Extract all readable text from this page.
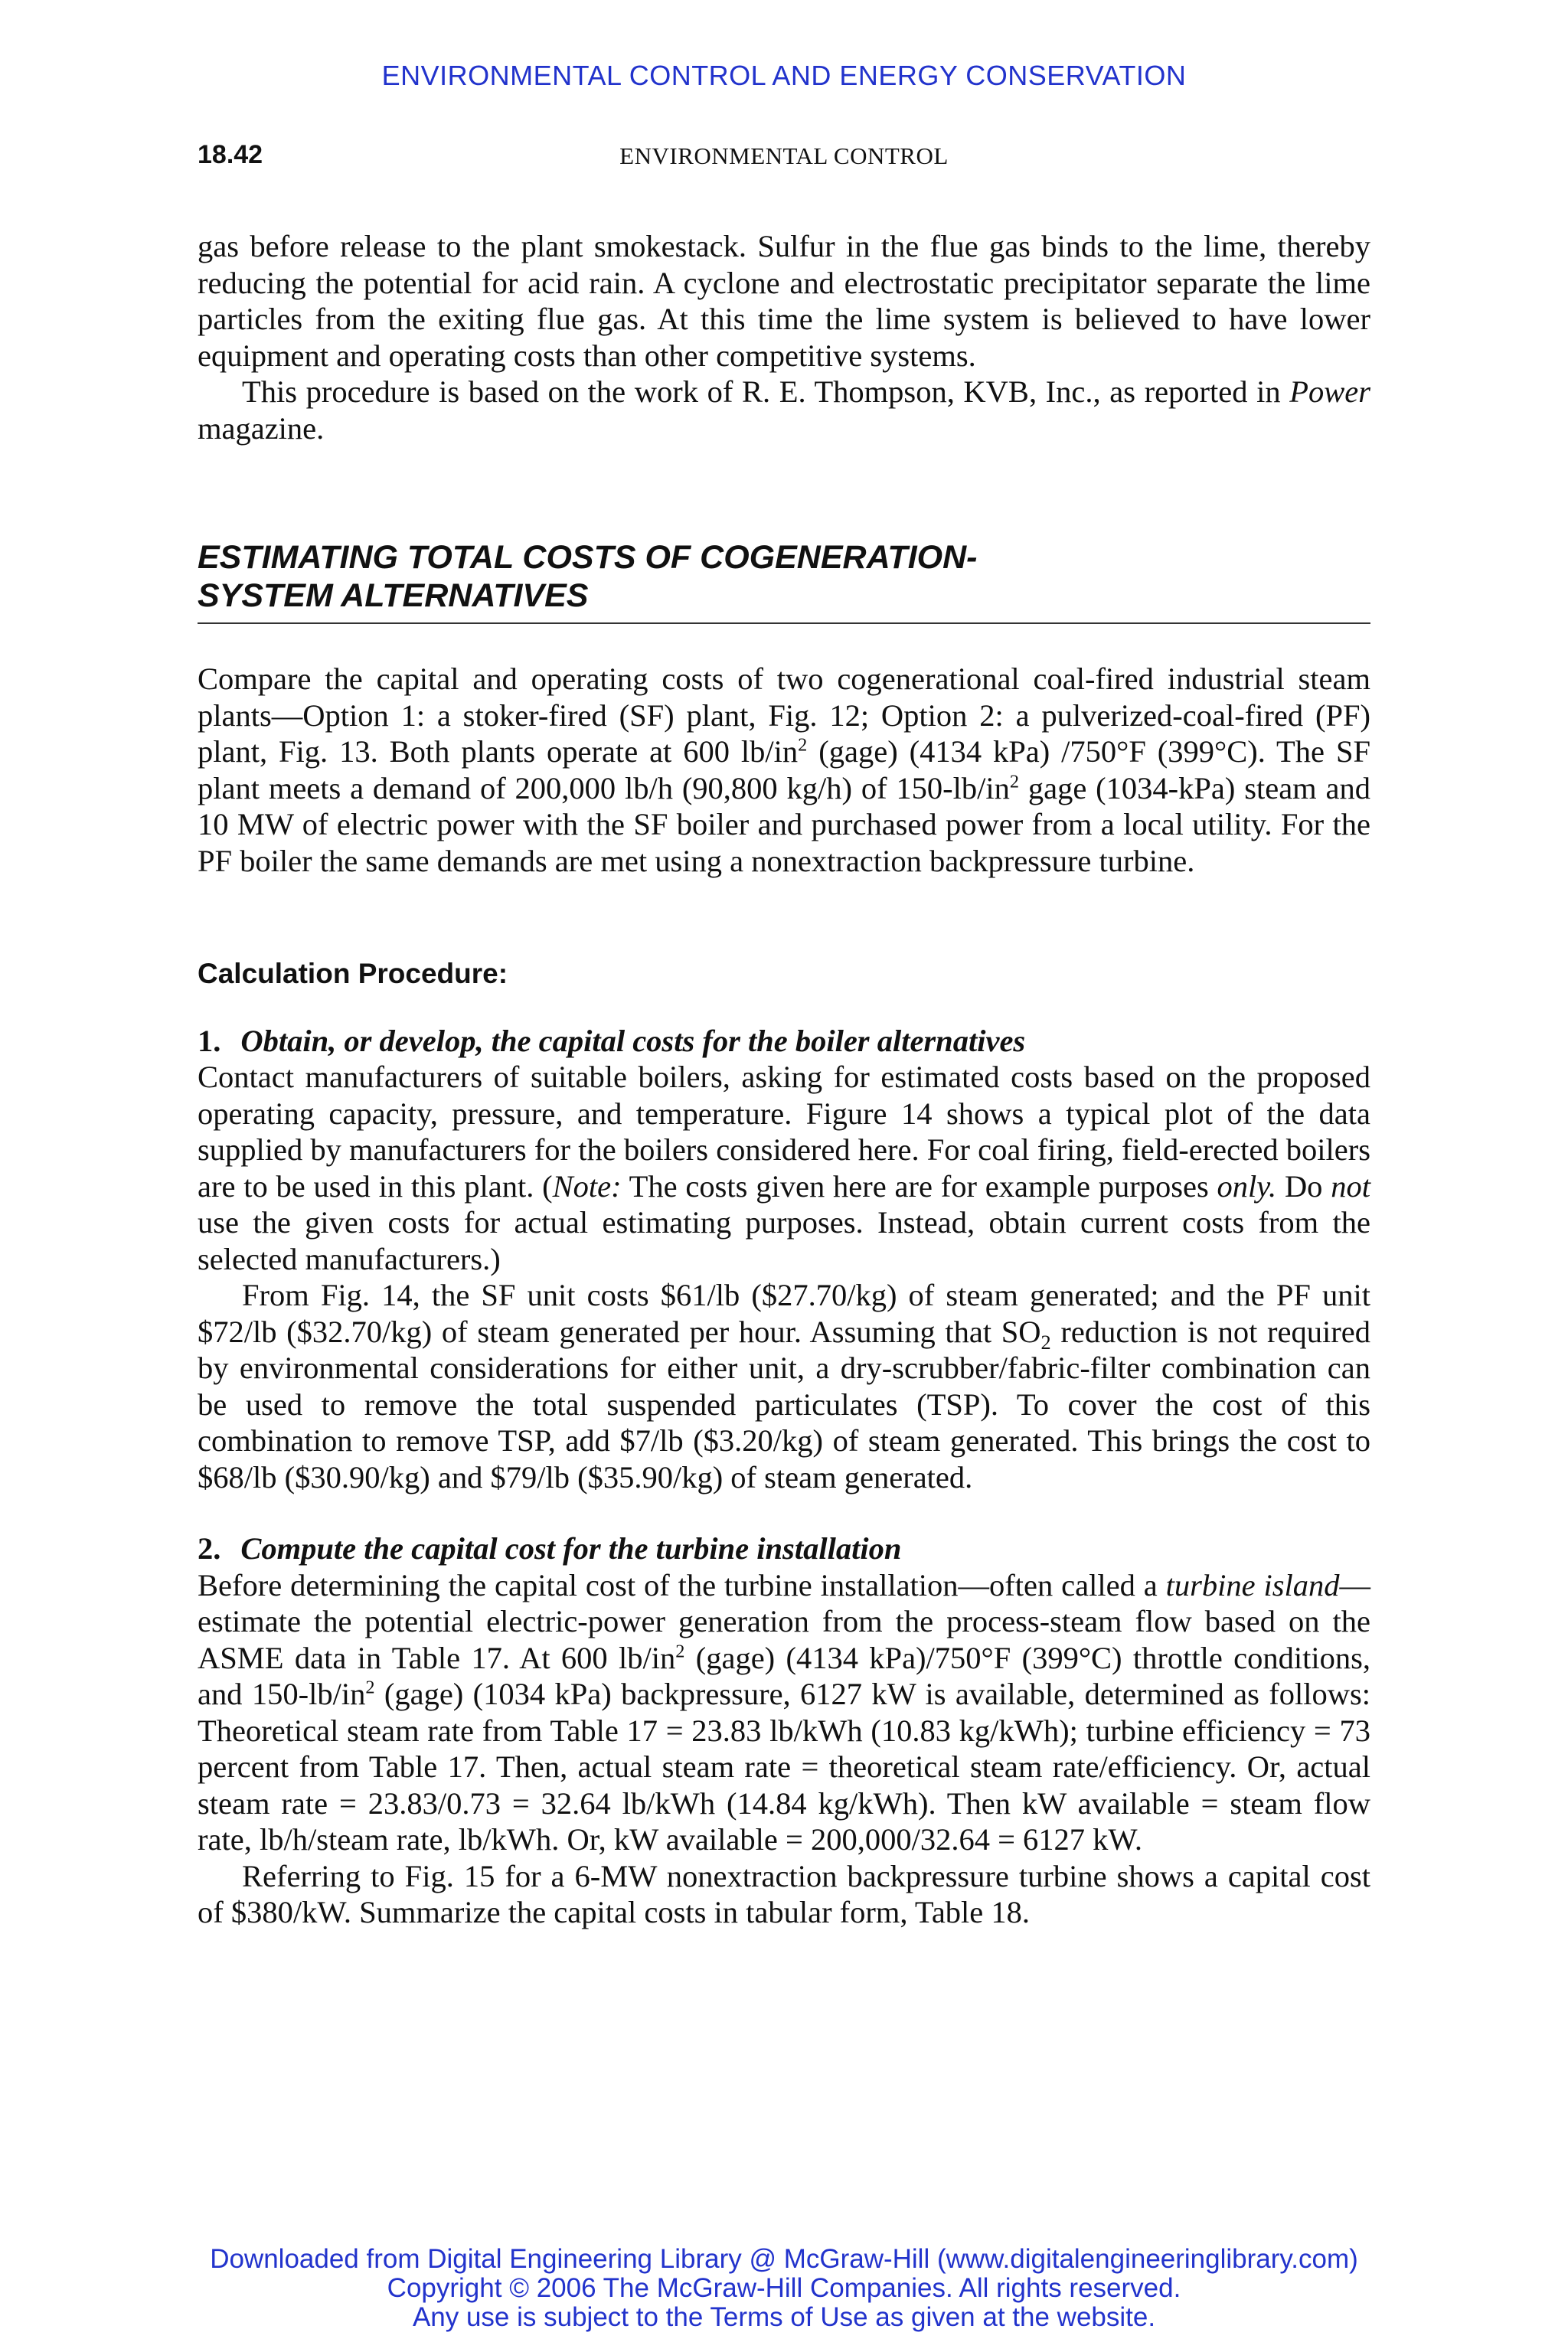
ENVIRONMENTAL CONTROL AND ENERGY CONSERVATION
18.42	ENVIRONMENTAL CONTROL

gas before release to the plant smokestack. Sulfur in the flue gas binds to the lime, thereby reducing the potential for acid rain. A cyclone and electrostatic precipitator separate the lime particles from the exiting flue gas. At this time the lime system is believed to have lower equipment and operating costs than other competitive systems.

This procedure is based on the work of R. E. Thompson, KVB, Inc., as reported in Power magazine.

ESTIMATING TOTAL COSTS OF COGENERATION-
SYSTEM ALTERNATIVES

Compare the capital and operating costs of two cogenerational coal-fired industrial steam plants—Option 1: a stoker-fired (SF) plant, Fig. 12; Option 2: a pulverized-coal-fired (PF) plant, Fig. 13. Both plants operate at 600 $lb/in^2$ (gage) (4134 kPa) /750°F (399°C). The SF plant meets a demand of 200,000 lb/h (90,800 kg/h) of $150-lb/in^2$ gage (1034-kPa) steam and 10 MW of electric power with the SF boiler and purchased power from a local utility. For the PF boiler the same demands are met using a nonextraction backpressure turbine.

Calculation Procedure:
1. Obtain, or develop, the capital costs for the boiler alternatives

Contact manufacturers of suitable boilers, asking for estimated costs based on the proposed operating capacity, pressure, and temperature. Figure 14 shows a typical plot of the data supplied by manufacturers for the boilers considered here. For coal firing, field-erected boilers are to be used in this plant. (Note: The costs given here are for example purposes only. Do not use the given costs for actual estimating purposes. Instead, obtain current costs from the selected manufacturers.)

From Fig. 14, the SF unit costs $61/lb ($27.70/kg) of steam generated; and the PF unit $72/lb ($32.70/kg) of steam generated per hour. Assuming that $SO_2$ reduction is not required by environmental considerations for either unit, a dry-scrubber/fabric-filter combination can be used to remove the total suspended particulates (TSP). To cover the cost of this combination to remove TSP, add $7/lb ($3.20/kg) of steam generated. This brings the cost to $68/lb ($30.90/kg) and $79/lb ($35.90/kg) of steam generated.

2. Compute the capital cost for the turbine installation

Before determining the capital cost of the turbine installation—often called a turbine island—estimate the potential electric-power generation from the process-steam flow based on the ASME data in Table 17. At 600 $lb/in^2$ (gage) (4134 kPa)/750°F (399°C) throttle conditions, and $150-lb/in^2$ (gage) (1034 kPa) backpressure, 6127 kW is available, determined as follows: Theoretical steam rate from Table 17 = 23.83 lb/kWh (10.83 kg/kWh); turbine efficiency = 73 percent from Table 17. Then, actual steam rate = theoretical steam rate/efficiency. Or, actual steam rate = 23.83/0.73 = 32.64 lb/kWh (14.84 kg/kWh). Then kW available = steam flow rate, lb/h/steam rate, lb/kWh. Or, kW available = 200,000/32.64 = 6127 kW.

Referring to Fig. 15 for a 6-MW nonextraction backpressure turbine shows a capital cost of $380/kW. Summarize the capital costs in tabular form, Table 18.

Downloaded from Digital Engineering Library @ McGraw-Hill (www.digitalengineeringlibrary.com)
Copyright © 2006 The McGraw-Hill Companies. All rights reserved.
Any use is subject to the Terms of Use as given at the website.
